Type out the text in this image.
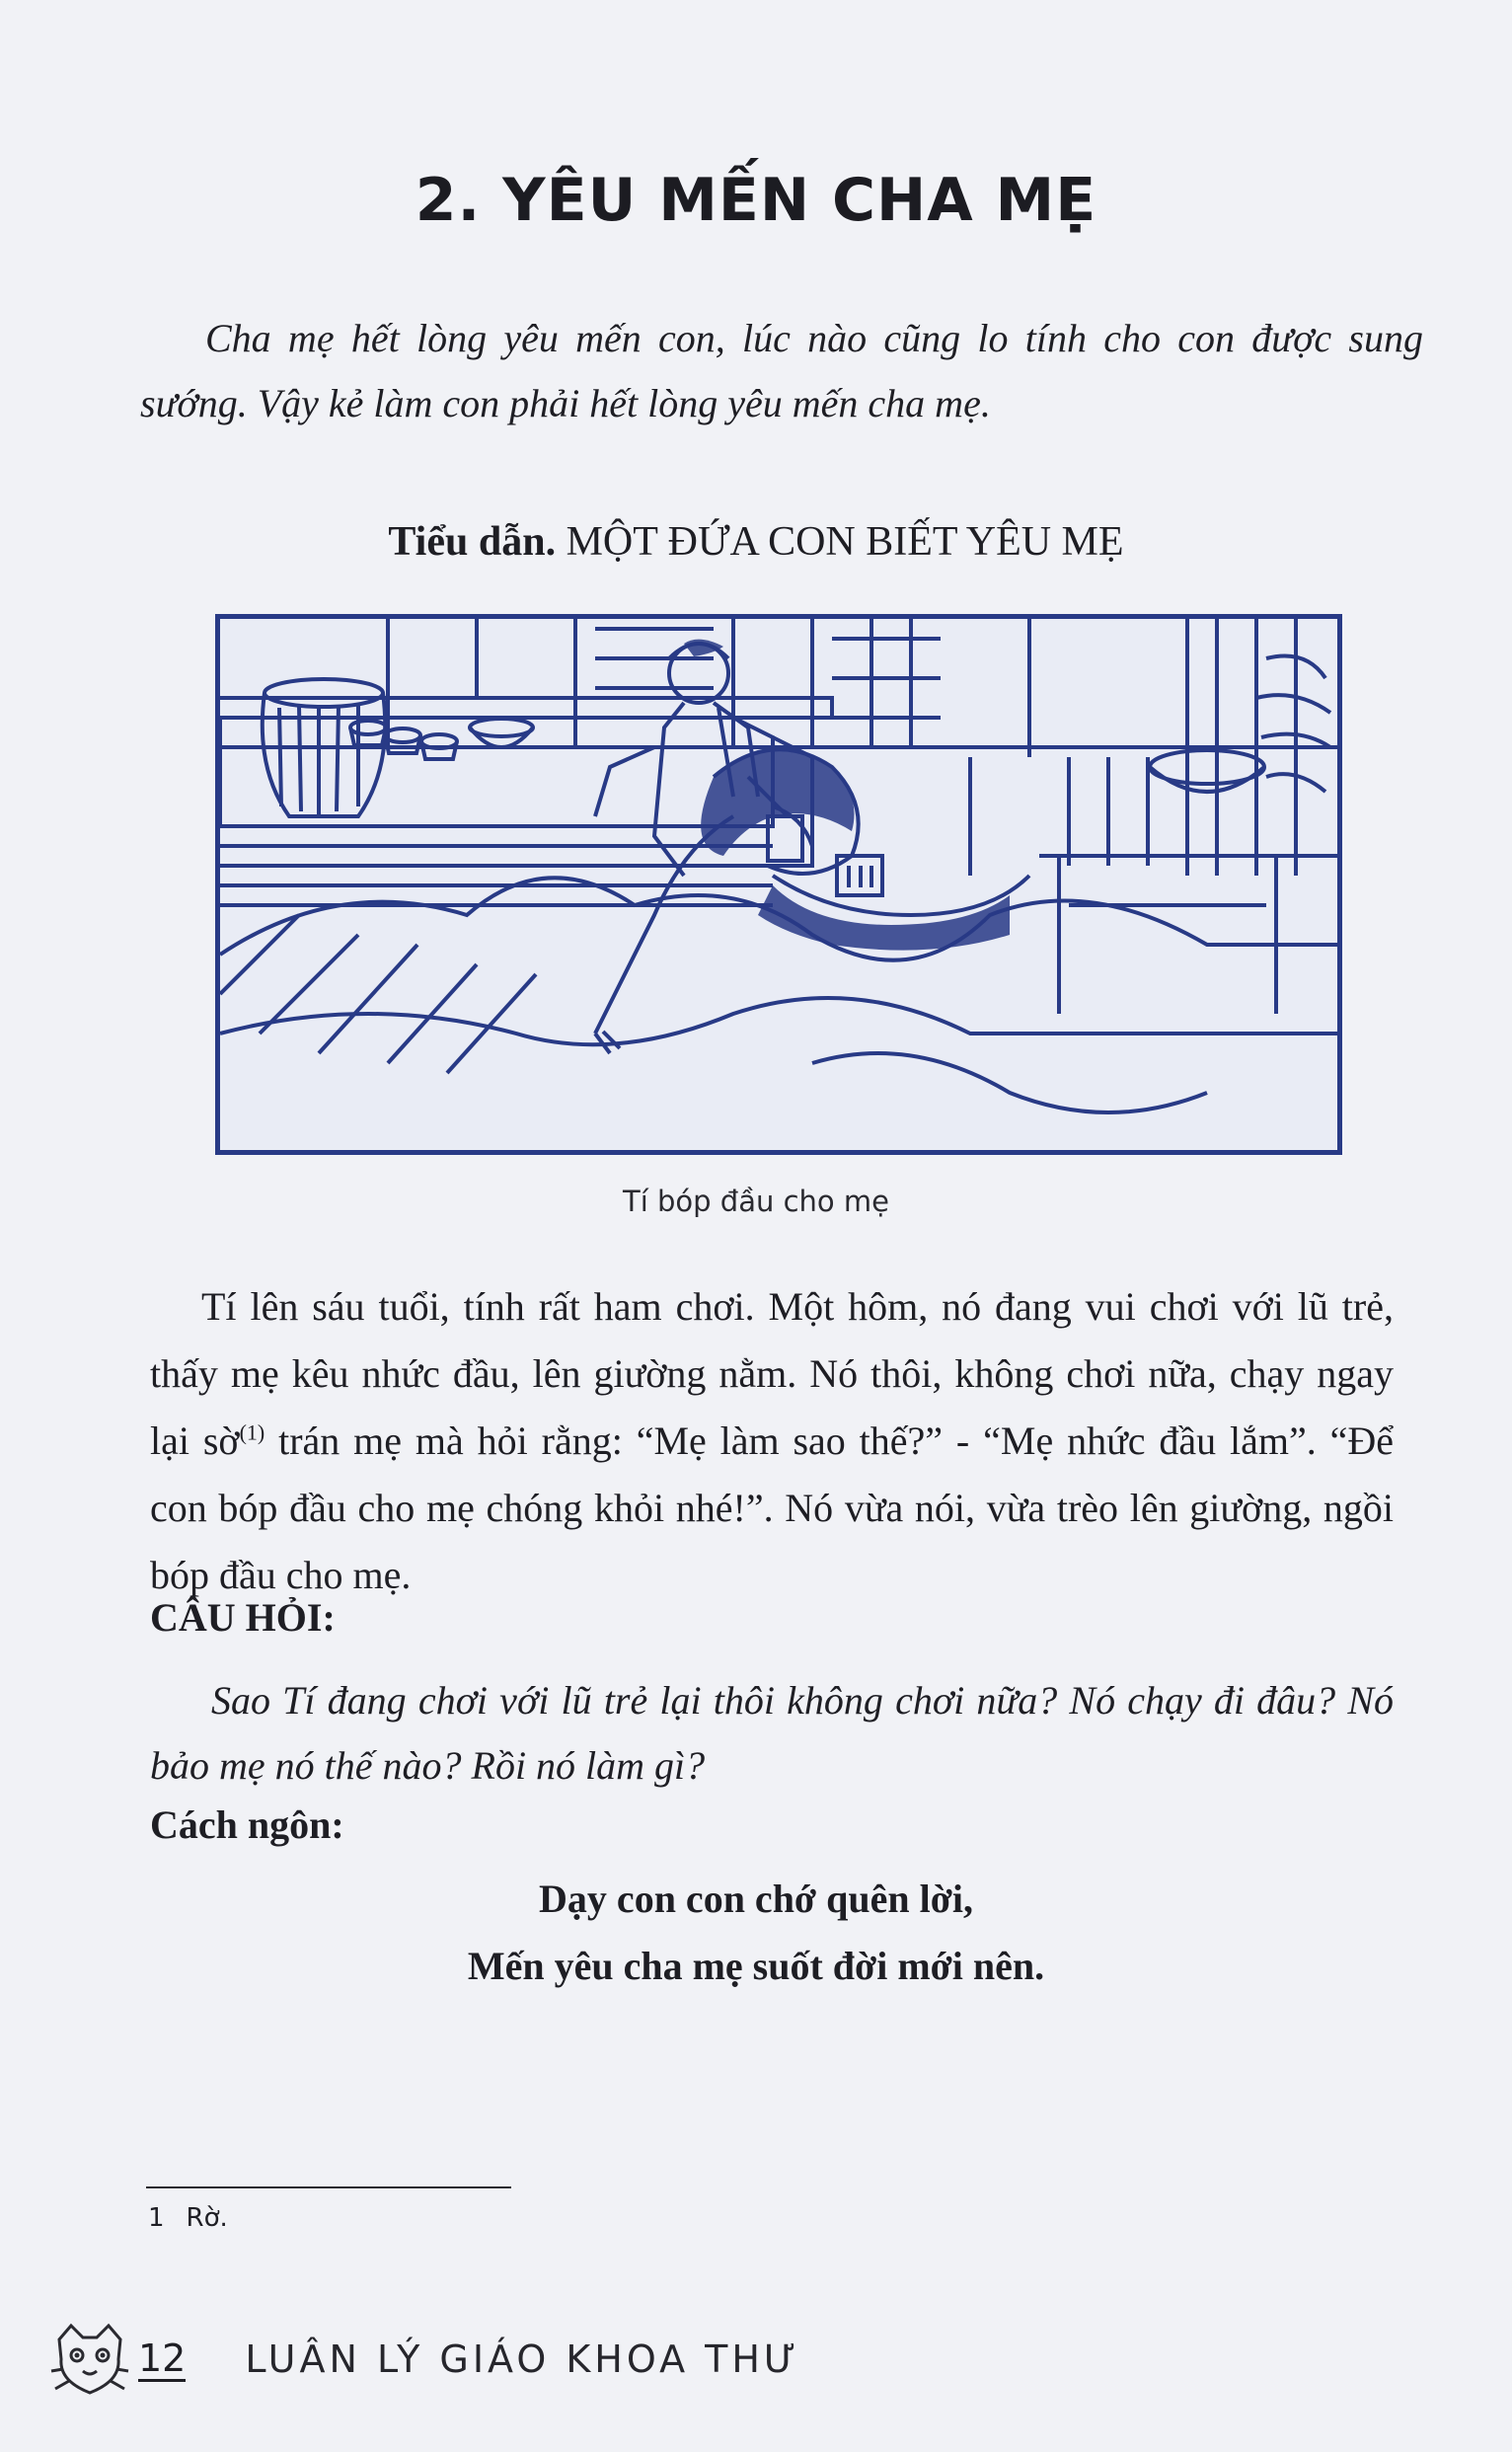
2. YÊU MẾN CHA MẸ
Cha mẹ hết lòng yêu mến con, lúc nào cũng lo tính cho con được sung sướng. Vậy kẻ làm con phải hết lòng yêu mến cha mẹ.
Tiểu dẫn. MỘT ĐỨA CON BIẾT YÊU MẸ
Tí bóp đầu cho mẹ

Tí lên sáu tuổi, tính rất ham chơi. Một hôm, nó đang vui chơi với lũ trẻ, thấy mẹ kêu nhức đầu, lên giường nằm. Nó thôi, không chơi nữa, chạy ngay lại sờ$^{(1)}$ trán mẹ mà hỏi rằng: “Mẹ làm sao thế?” - “Mẹ nhức đầu lắm”. “Để con bóp đầu cho mẹ chóng khỏi nhé!”. Nó vừa nói, vừa trèo lên giường, ngồi bóp đầu cho mẹ.

CÂU HỎI:

Sao Tí đang chơi với lũ trẻ lại thôi không chơi nữa? Nó chạy đi đâu? Nó bảo mẹ nó thế nào? Rồi nó làm gì?

Cách ngôn:
Dạy con con chớ quên lời,
Mến yêu cha mẹ suốt đời mới nên.
1 Rờ.
12 LUÂN LÝ GIÁO KHOA THƯ
